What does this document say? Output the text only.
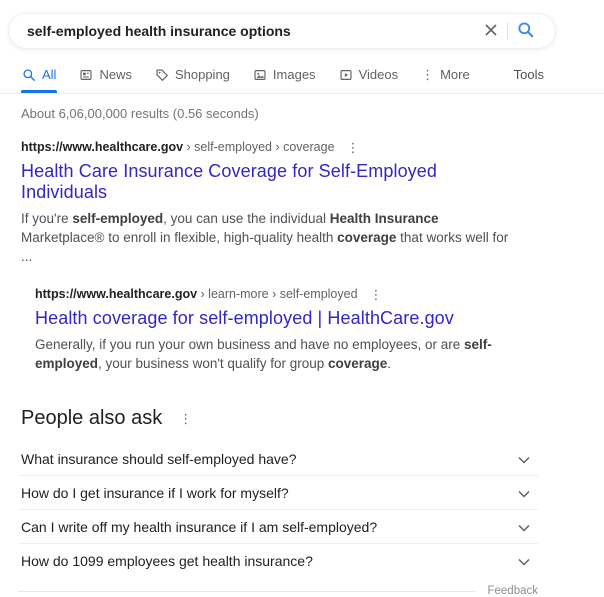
self-employed health insurance options
All	News	Shopping	Images	Videos ⋮ More	Tools
About 6,06,00,000 results (0.56 seconds)
https://www.healthcare.gov › self-employed › coverage ⋮
Health Care Insurance Coverage for Self-Employed Individuals
If you're self-employed, you can use the individual Health Insurance Marketplace® to enroll in flexible, high-quality health coverage that works well for ...
https://www.healthcare.gov › learn-more › self-employed ⋮
Health coverage for self-employed | HealthCare.gov
Generally, if you run your own business and have no employees, or are self-employed, your business won't qualify for group coverage.
People also ask ⋮
What insurance should self-employed have?
How do I get insurance if I work for myself?
Can I write off my health insurance if I am self-employed?
How do 1099 employees get health insurance?
Feedback
